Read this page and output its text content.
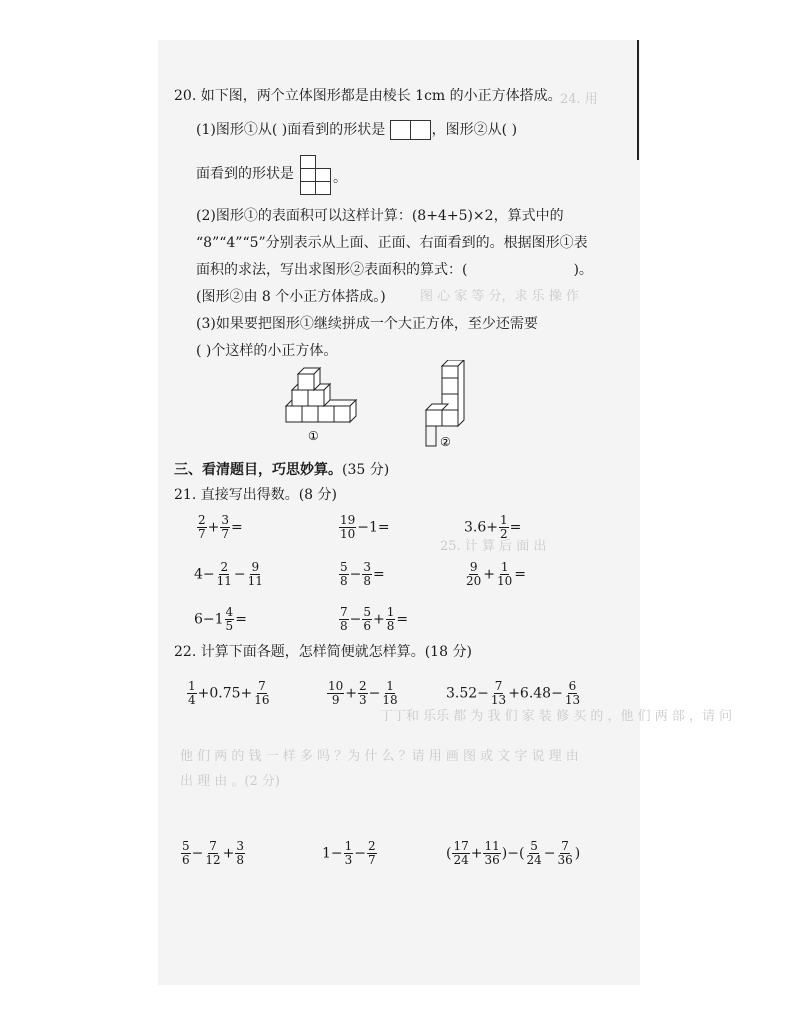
24. 用
图 心 家 等 分，求 乐 操 作
25. 计 算 后 面 出
丁丁和 乐乐 都 为 我 们 家 装 修 买 的 ，他 们 两 部 ，请 问
他 们 两 的 钱 一 样 多 吗 ？为 什 么 ？请 用 画 图 或 文 字 说 理 由
出 理 由 。(2 分)
20. 如下图，两个立体图形都是由棱长 1cm 的小正方体搭成。
(1)图形①从( )面看到的形状是	，图形②从( )
面看到的形状是	。
(2)图形①的表面积可以这样计算：(8+4+5)×2，算式中的
“8”“4”“5”分别表示从上面、正面、右面看到的。根据图形①表
面积的求法，写出求图形②表面积的算式：(	)。
(图形②由 8 个小正方体搭成。)
(3)如果要把图形①继续拼成一个大正方体，至少还需要
( )个这样的小正方体。
①	②
三、看清题目，巧思妙算。(35 分)
21. 直接写出得数。(8 分)
$\frac{2}{7} + \frac{3}{7}$ =	$\frac{19}{10} -1=$	$3.6+ \frac{1}{2}$ =
$4- \frac{2}{11} - \frac{9}{11}$	$\frac{5}{8} - \frac{3}{8}$ =	$\frac{9}{20} + \frac{1}{10}$ =
$6-1 \frac{4}{5}$ =	$\frac{7}{8} - \frac{5}{6} + \frac{1}{8}$ =
22. 计算下面各题，怎样简便就怎样算。(18 分)
$\frac{1}{4} +0.75+ \frac{7}{16}$	$\frac{10}{9} + \frac{2}{3} - \frac{1}{18}$	$3.52- \frac{7}{13} +6.48- \frac{6}{13}$
$\frac{5}{6} - \frac{7}{12} + \frac{3}{8}$	$1- \frac{1}{3} - \frac{2}{7}$	( $\frac{17}{24} + \frac{11}{36}$ )−( $\frac{5}{24} - \frac{7}{36}$ )
